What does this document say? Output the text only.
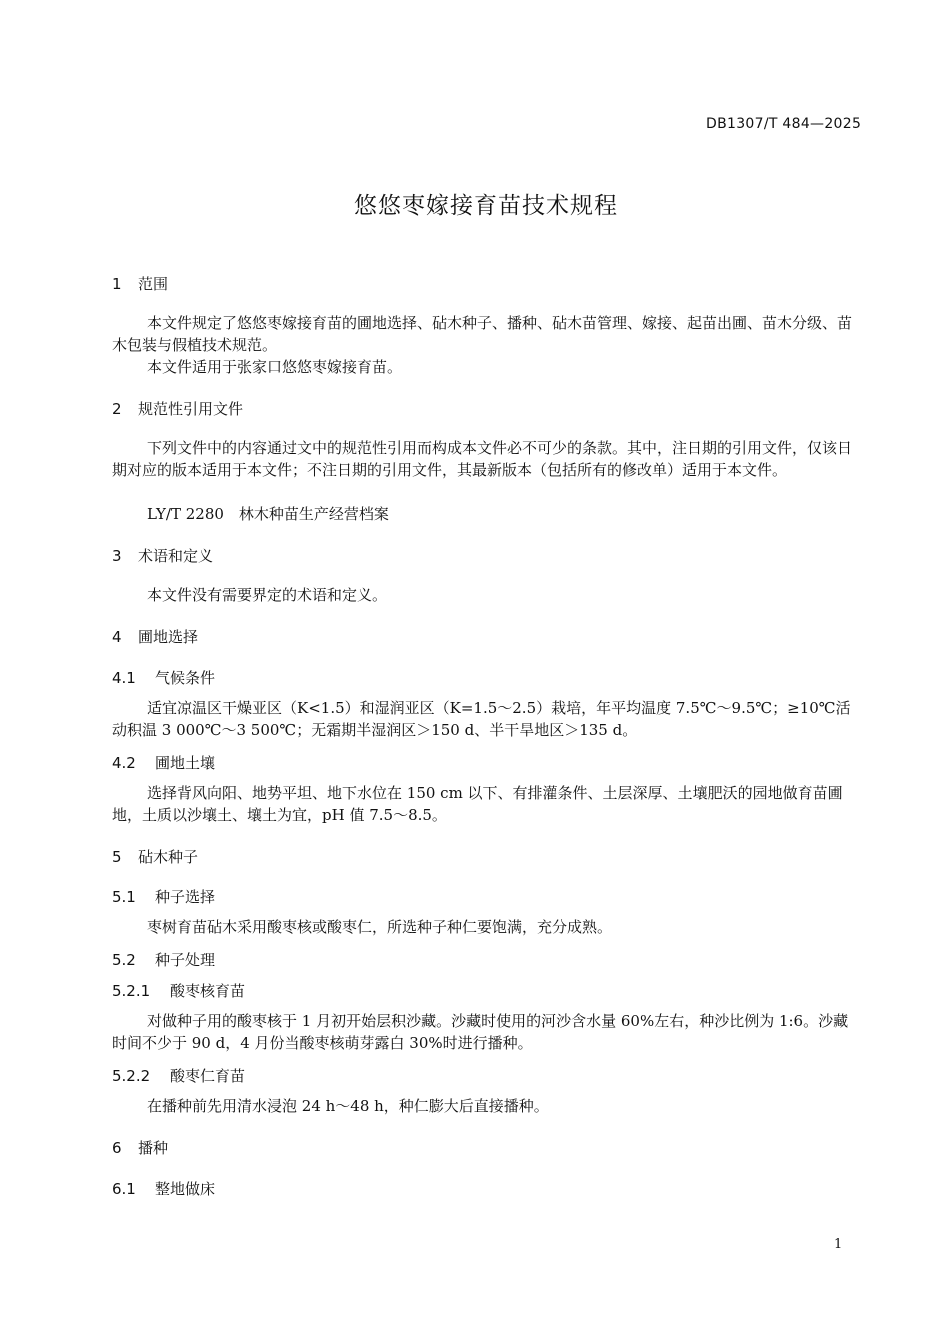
DB1307/T 484—2025
悠悠枣嫁接育苗技术规程
1 范围
本文件规定了悠悠枣嫁接育苗的圃地选择、砧木种子、播种、砧木苗管理、嫁接、起苗出圃、苗木分级、苗木包装与假植技术规范。
本文件适用于张家口悠悠枣嫁接育苗。
2 规范性引用文件
下列文件中的内容通过文中的规范性引用而构成本文件必不可少的条款。其中，注日期的引用文件，仅该日期对应的版本适用于本文件；不注日期的引用文件，其最新版本（包括所有的修改单）适用于本文件。
LY/T 2280　林木种苗生产经营档案
3 术语和定义
本文件没有需要界定的术语和定义。
4 圃地选择
4.1 气候条件
适宜凉温区干燥亚区（K<1.5）和湿润亚区（K=1.5～2.5）栽培，年平均温度 7.5℃～9.5℃；≥10℃活动积温 3 000℃～3 500℃；无霜期半湿润区＞150 d、半干旱地区＞135 d。
4.2 圃地土壤
选择背风向阳、地势平坦、地下水位在 150 cm 以下、有排灌条件、土层深厚、土壤肥沃的园地做育苗圃地，土质以沙壤土、壤土为宜，pH 值 7.5～8.5。
5 砧木种子
5.1 种子选择
枣树育苗砧木采用酸枣核或酸枣仁，所选种子种仁要饱满，充分成熟。
5.2 种子处理
5.2.1 酸枣核育苗
对做种子用的酸枣核于 1 月初开始层积沙藏。沙藏时使用的河沙含水量 60%左右，种沙比例为 1:6。沙藏时间不少于 90 d，4 月份当酸枣核萌芽露白 30%时进行播种。
5.2.2 酸枣仁育苗
在播种前先用清水浸泡 24 h～48 h，种仁膨大后直接播种。
6 播种
6.1 整地做床
1
